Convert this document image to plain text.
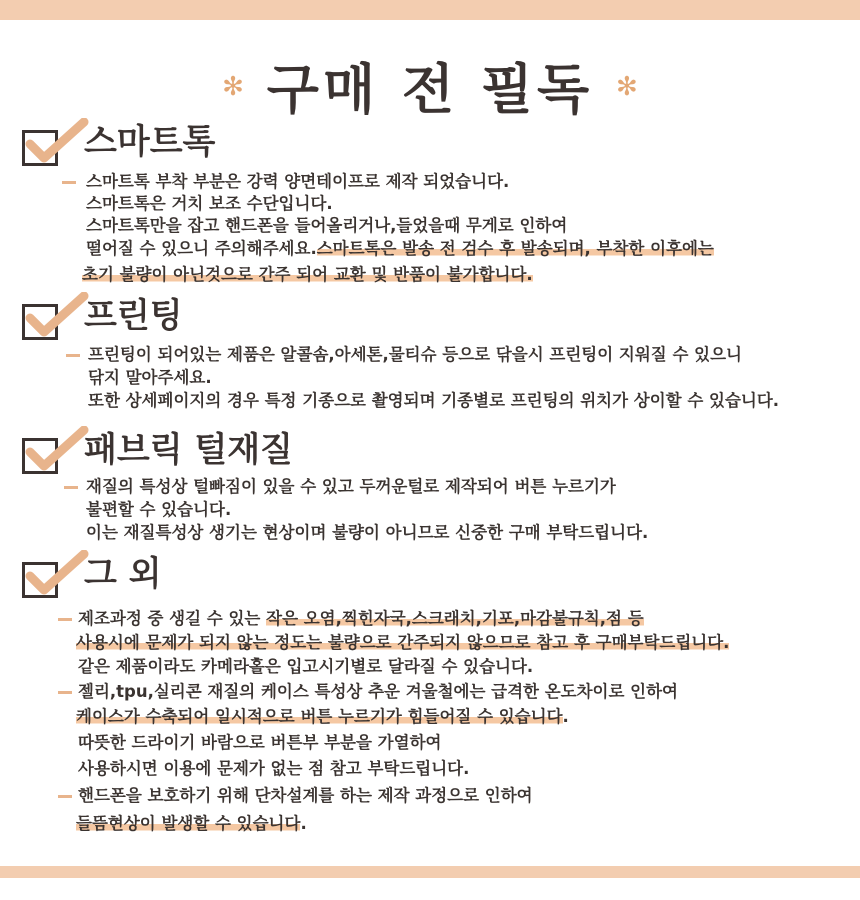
✻ 구매 전 필독 ✻
스마트톡
스마트톡 부착 부분은 강력 양면테이프로 제작 되었습니다.
스마트톡은 거치 보조 수단입니다.
스마트톡만을 잡고 핸드폰을 들어올리거나,들었을때 무게로 인하여
떨어질 수 있으니 주의해주세요.스마트톡은 발송 전 검수 후 발송되며, 부착한 이후에는
초기 불량이 아닌것으로 간주 되어 교환 및 반품이 불가합니다.
프린팅
프린팅이 되어있는 제품은 알콜솜,아세톤,물티슈 등으로 닦을시 프린팅이 지워질 수 있으니
닦지 말아주세요.
또한 상세페이지의 경우 특정 기종으로 촬영되며 기종별로 프린팅의 위치가 상이할 수 있습니다.
패브릭 털재질
재질의 특성상 털빠짐이 있을 수 있고 두꺼운털로 제작되어 버튼 누르기가
불편할 수 있습니다.
이는 재질특성상 생기는 현상이며 불량이 아니므로 신중한 구매 부탁드립니다.
그 외
제조과정 중 생길 수 있는 작은 오염,찍힌자국,스크래치,기포,마감불규칙,점 등
사용시에 문제가 되지 않는 정도는 불량으로 간주되지 않으므로 참고 후 구매부탁드립니다.
같은 제품이라도 카메라홀은 입고시기별로 달라질 수 있습니다.
젤리,tpu,실리콘 재질의 케이스 특성상 추운 겨울철에는 급격한 온도차이로 인하여
케이스가 수축되어 일시적으로 버튼 누르기가 힘들어질 수 있습니다.
따뜻한 드라이기 바람으로 버튼부 부분을 가열하여
사용하시면 이용에 문제가 없는 점 참고 부탁드립니다.
핸드폰을 보호하기 위해 단차설계를 하는 제작 과정으로 인하여
들뜸현상이 발생할 수 있습니다.
